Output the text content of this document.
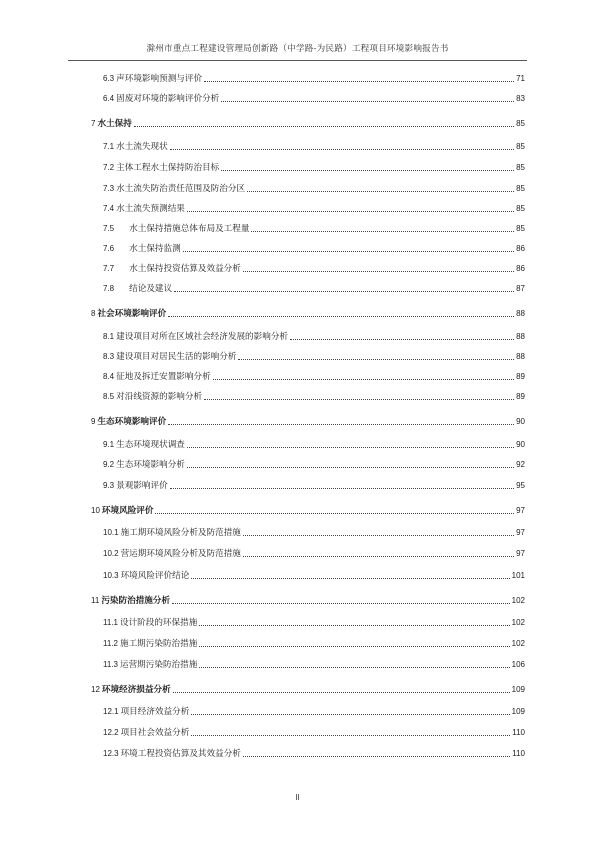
滁州市重点工程建设管理局创新路（中学路-为民路）工程项目环境影响报告书
6.3 声环境影响预测与评价	71
6.4 固废对环境的影响评价分析	83
7 水土保持	85
7.1 水土流失现状	85
7.2 主体工程水土保持防治目标	85
7.3 水土流失防治责任范围及防治分区	85
7.4 水土流失预测结果	85
7.5 水土保持措施总体布局及工程量	85
7.6 水土保持监测	86
7.7 水土保持投资估算及效益分析	86
7.8 结论及建议	87
8 社会环境影响评价	88
8.1 建设项目对所在区域社会经济发展的影响分析	88
8.3 建设项目对居民生活的影响分析	88
8.4 征地及拆迁安置影响分析	89
8.5 对沿线资源的影响分析	89
9 生态环境影响评价	90
9.1 生态环境现状调查	90
9.2 生态环境影响分析	92
9.3 景观影响评价	95
10 环境风险评价	97
10.1 施工期环境风险分析及防范措施	97
10.2 营运期环境风险分析及防范措施	97
10.3 环境风险评价结论	101
11 污染防治措施分析	102
11.1 设计阶段的环保措施	102
11.2 施工期污染防治措施	102
11.3 运营期污染防治措施	106
12 环境经济损益分析	109
12.1 项目经济效益分析	109
12.2 项目社会效益分析	110
12.3 环境工程投资估算及其效益分析	110
II
